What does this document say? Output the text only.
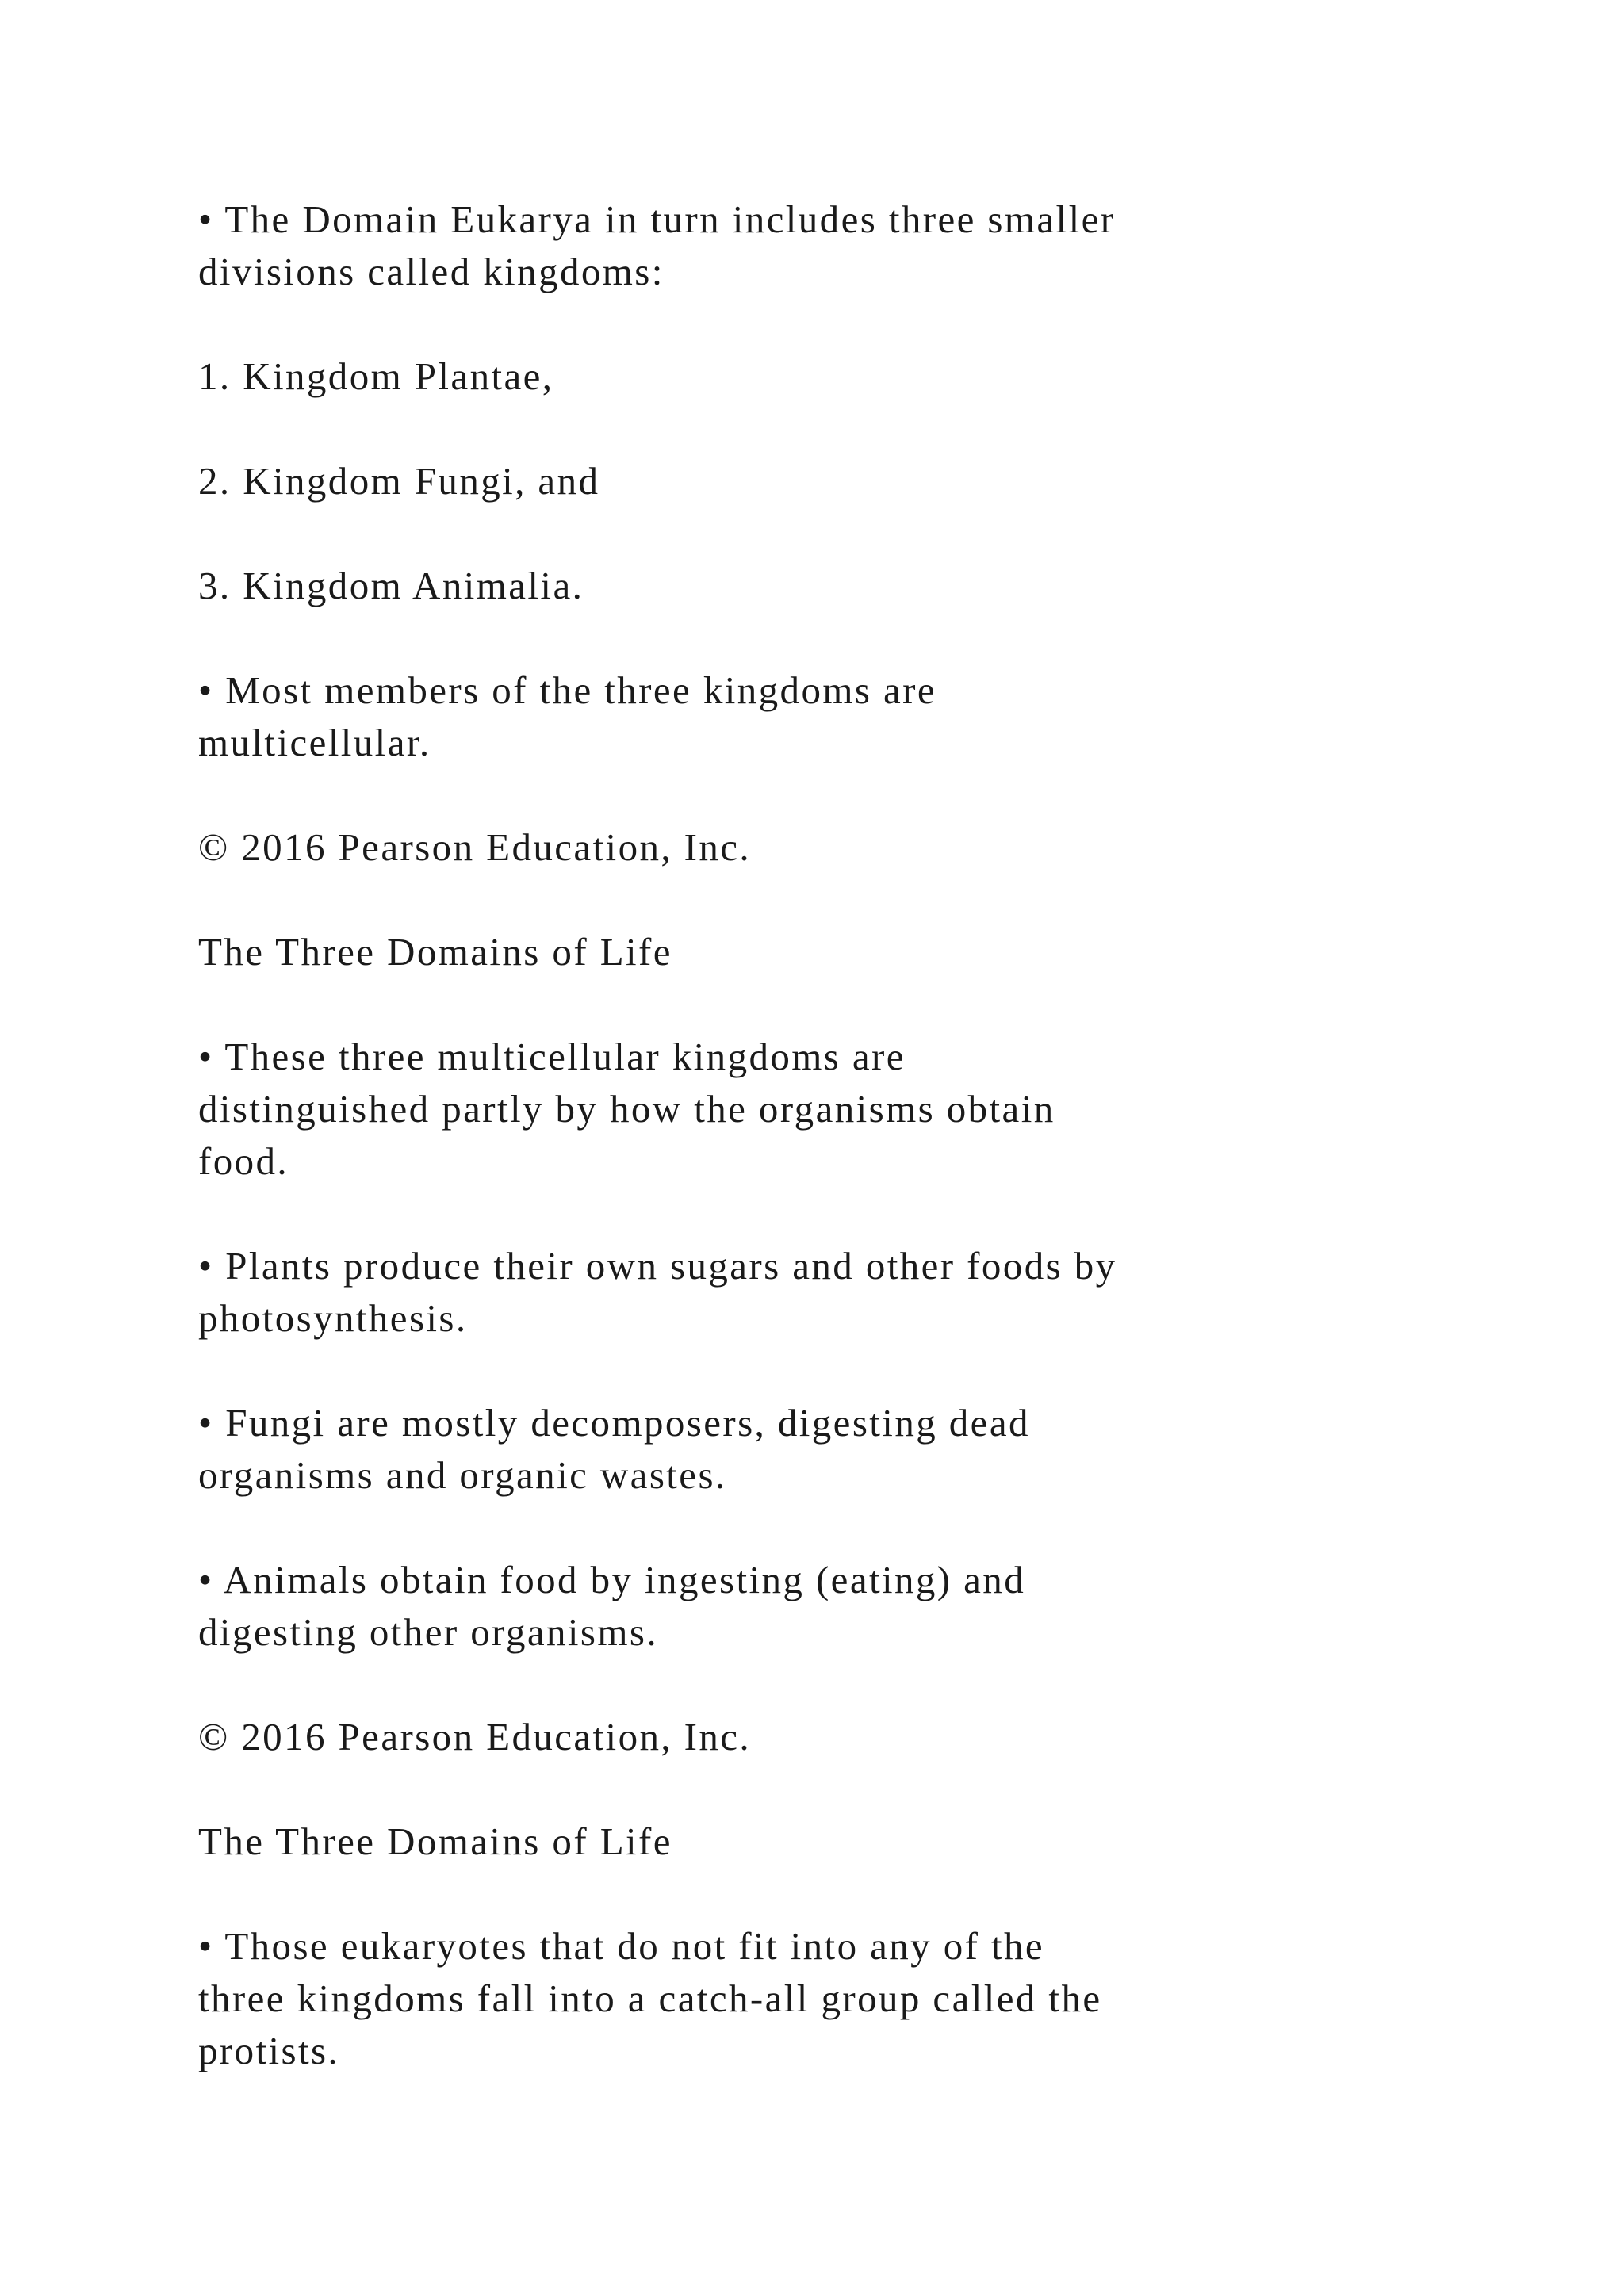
• The Domain Eukarya in turn includes three smaller
divisions called kingdoms:

1. Kingdom Plantae,

2. Kingdom Fungi, and

3. Kingdom Animalia.

• Most members of the three kingdoms are
multicellular.

© 2016 Pearson Education, Inc.

The Three Domains of Life

• These three multicellular kingdoms are
distinguished partly by how the organisms obtain
food.

• Plants produce their own sugars and other foods by
photosynthesis.

• Fungi are mostly decomposers, digesting dead
organisms and organic wastes.

• Animals obtain food by ingesting (eating) and
digesting other organisms.

© 2016 Pearson Education, Inc.

The Three Domains of Life

• Those eukaryotes that do not fit into any of the
three kingdoms fall into a catch-all group called the
protists.
